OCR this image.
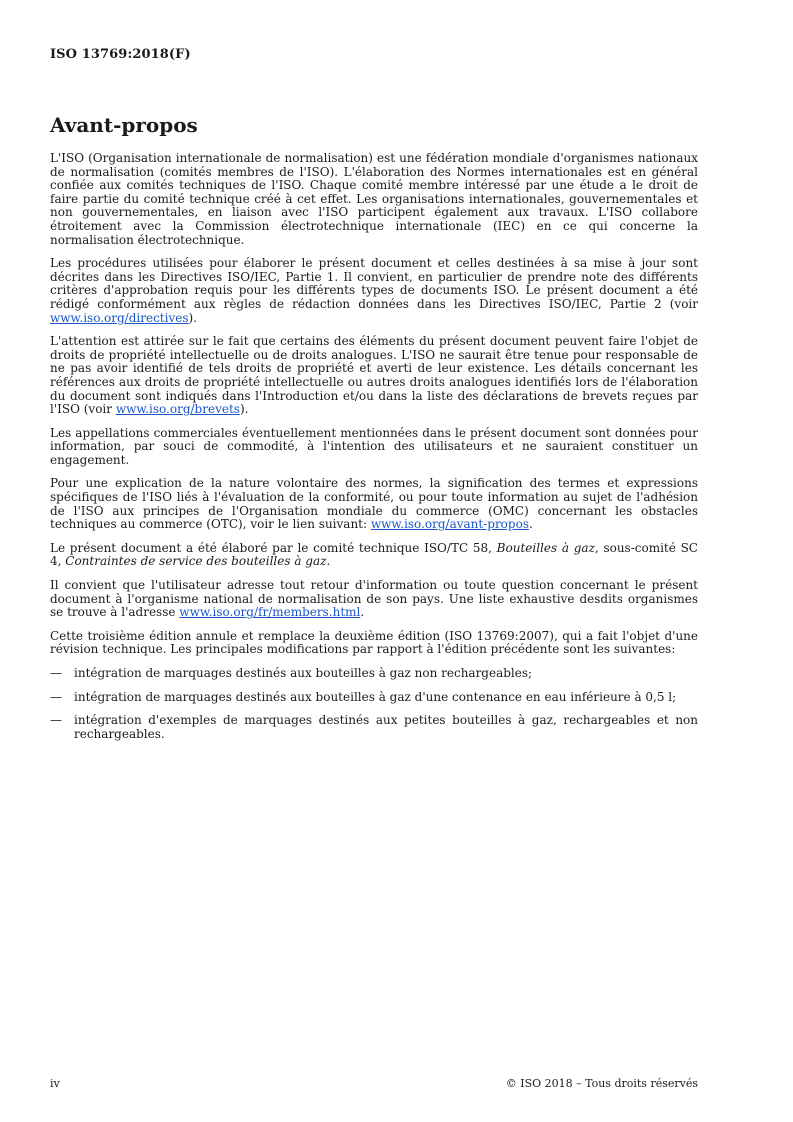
ISO 13769:2018(F)
Avant-propos

L'ISO (Organisation internationale de normalisation) est une fédération mondiale d'organismes nationaux de normalisation (comités membres de l'ISO). L'élaboration des Normes internationales est en général confiée aux comités techniques de l'ISO. Chaque comité membre intéressé par une étude a le droit de faire partie du comité technique créé à cet effet. Les organisations internationales, gouvernementales et non gouvernementales, en liaison avec l'ISO participent également aux travaux. L'ISO collabore étroitement avec la Commission électrotechnique internationale (IEC) en ce qui concerne la normalisation électrotechnique.

Les procédures utilisées pour élaborer le présent document et celles destinées à sa mise à jour sont décrites dans les Directives ISO/IEC, Partie 1. Il convient, en particulier de prendre note des différents critères d'approbation requis pour les différents types de documents ISO. Le présent document a été rédigé conformément aux règles de rédaction données dans les Directives ISO/IEC, Partie 2 (voir www.iso.org/directives).

L'attention est attirée sur le fait que certains des éléments du présent document peuvent faire l'objet de droits de propriété intellectuelle ou de droits analogues. L'ISO ne saurait être tenue pour responsable de ne pas avoir identifié de tels droits de propriété et averti de leur existence. Les détails concernant les références aux droits de propriété intellectuelle ou autres droits analogues identifiés lors de l'élaboration du document sont indiqués dans l'Introduction et/ou dans la liste des déclarations de brevets reçues par l'ISO (voir www.iso.org/brevets).

Les appellations commerciales éventuellement mentionnées dans le présent document sont données pour information, par souci de commodité, à l'intention des utilisateurs et ne sauraient constituer un engagement.

Pour une explication de la nature volontaire des normes, la signification des termes et expressions spécifiques de l'ISO liés à l'évaluation de la conformité, ou pour toute information au sujet de l'adhésion de l'ISO aux principes de l'Organisation mondiale du commerce (OMC) concernant les obstacles techniques au commerce (OTC), voir le lien suivant: www.iso.org/avant-propos.

Le présent document a été élaboré par le comité technique ISO/TC 58, Bouteilles à gaz, sous-comité SC 4, Contraintes de service des bouteilles à gaz.

Il convient que l'utilisateur adresse tout retour d'information ou toute question concernant le présent document à l'organisme national de normalisation de son pays. Une liste exhaustive desdits organismes se trouve à l'adresse www.iso.org/fr/members.html.

Cette troisième édition annule et remplace la deuxième édition (ISO 13769:2007), qui a fait l'objet d'une révision technique. Les principales modifications par rapport à l'édition précédente sont les suivantes:

—	intégration de marquages destinés aux bouteilles à gaz non rechargeables;
—	intégration de marquages destinés aux bouteilles à gaz d'une contenance en eau inférieure à 0,5 l;
—	intégration d'exemples de marquages destinés aux petites bouteilles à gaz, rechargeables et non rechargeables.
iv	© ISO 2018 – Tous droits réservés
